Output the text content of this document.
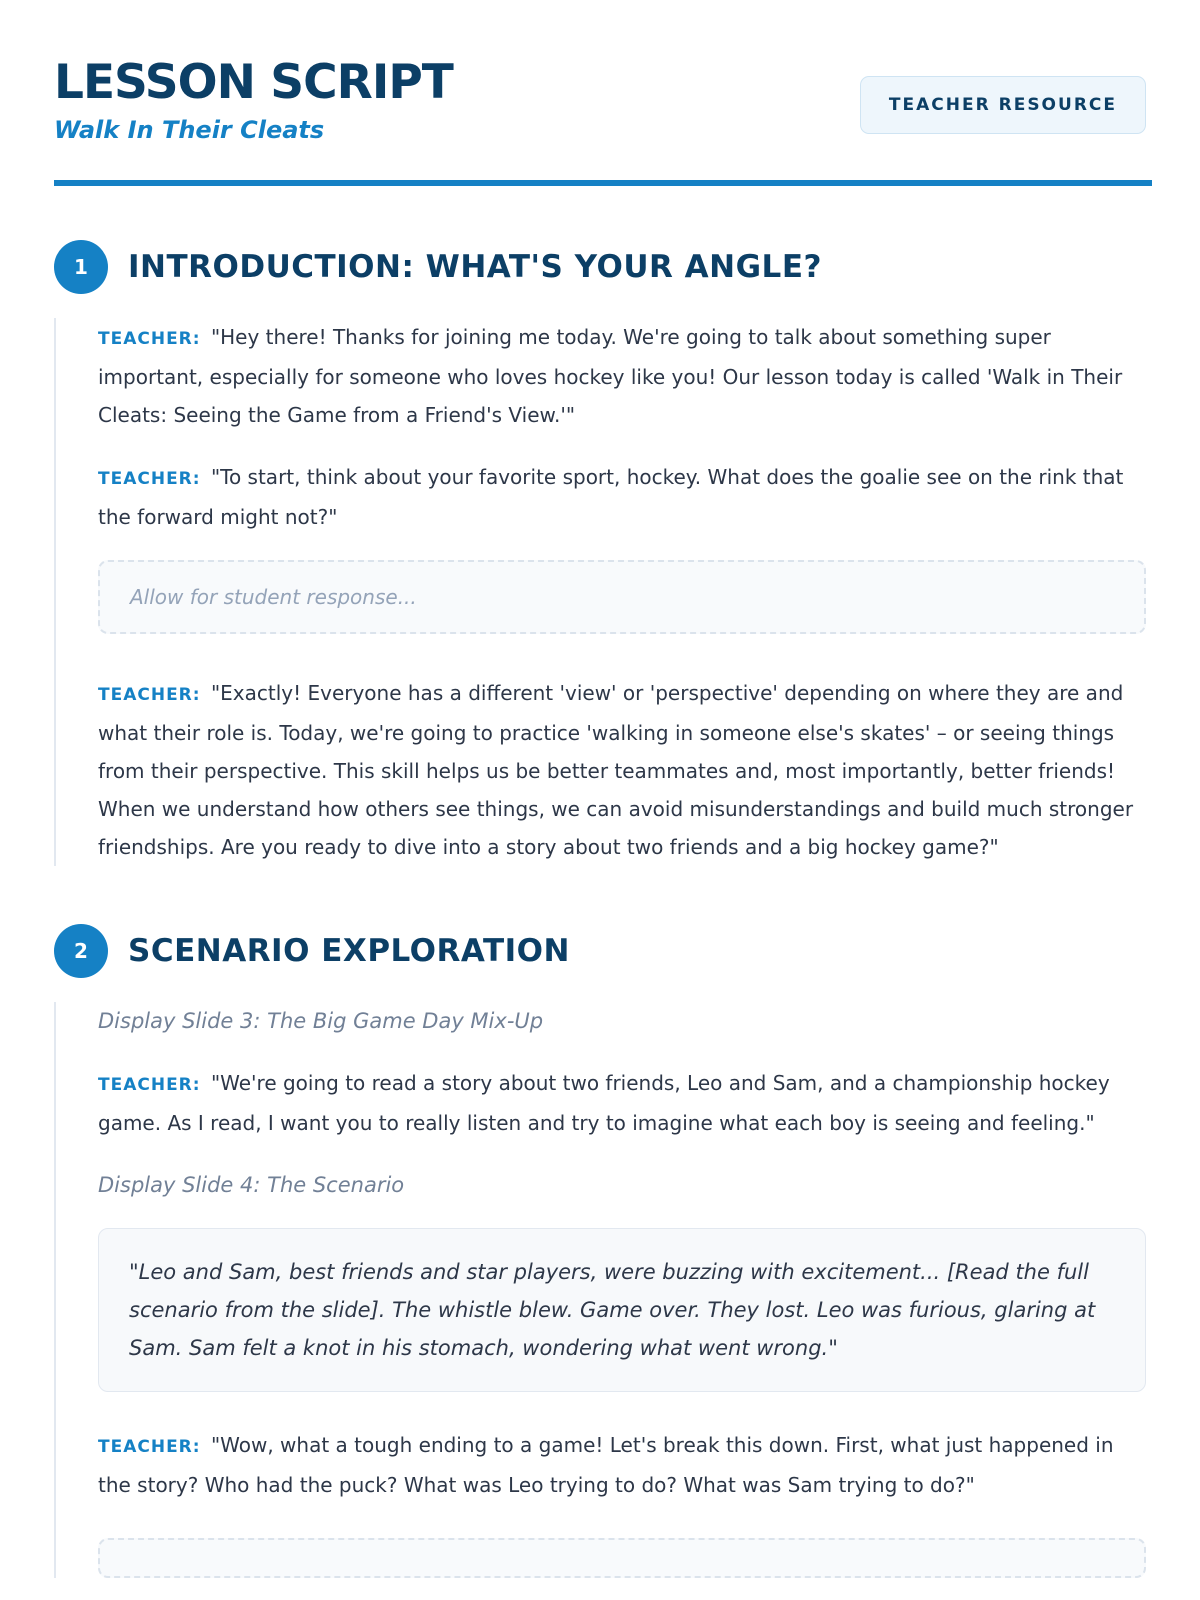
LESSON SCRIPT
Walk In Their Cleats
TEACHER RESOURCE
1	INTRODUCTION: WHAT'S YOUR ANGLE?

TEACHER: "Hey there! Thanks for joining me today. We're going to talk about something super important, especially for someone who loves hockey like you! Our lesson today is called 'Walk in Their Cleats: Seeing the Game from a Friend's View.'"

TEACHER: "To start, think about your favorite sport, hockey. What does the goalie see on the rink that the forward might not?"

Allow for student response...

TEACHER: "Exactly! Everyone has a different 'view' or 'perspective' depending on where they are and what their role is. Today, we're going to practice 'walking in someone else's skates' – or seeing things from their perspective. This skill helps us be better teammates and, most importantly, better friends! When we understand how others see things, we can avoid misunderstandings and build much stronger friendships. Are you ready to dive into a story about two friends and a big hockey game?"

2	SCENARIO EXPLORATION
Display Slide 3: The Big Game Day Mix-Up

TEACHER: "We're going to read a story about two friends, Leo and Sam, and a championship hockey game. As I read, I want you to really listen and try to imagine what each boy is seeing and feeling."

Display Slide 4: The Scenario
"Leo and Sam, best friends and star players, were buzzing with excitement... [Read the full scenario from the slide]. The whistle blew. Game over. They lost. Leo was furious, glaring at Sam. Sam felt a knot in his stomach, wondering what went wrong."

TEACHER: "Wow, what a tough ending to a game! Let's break this down. First, what just happened in the story? Who had the puck? What was Leo trying to do? What was Sam trying to do?"
